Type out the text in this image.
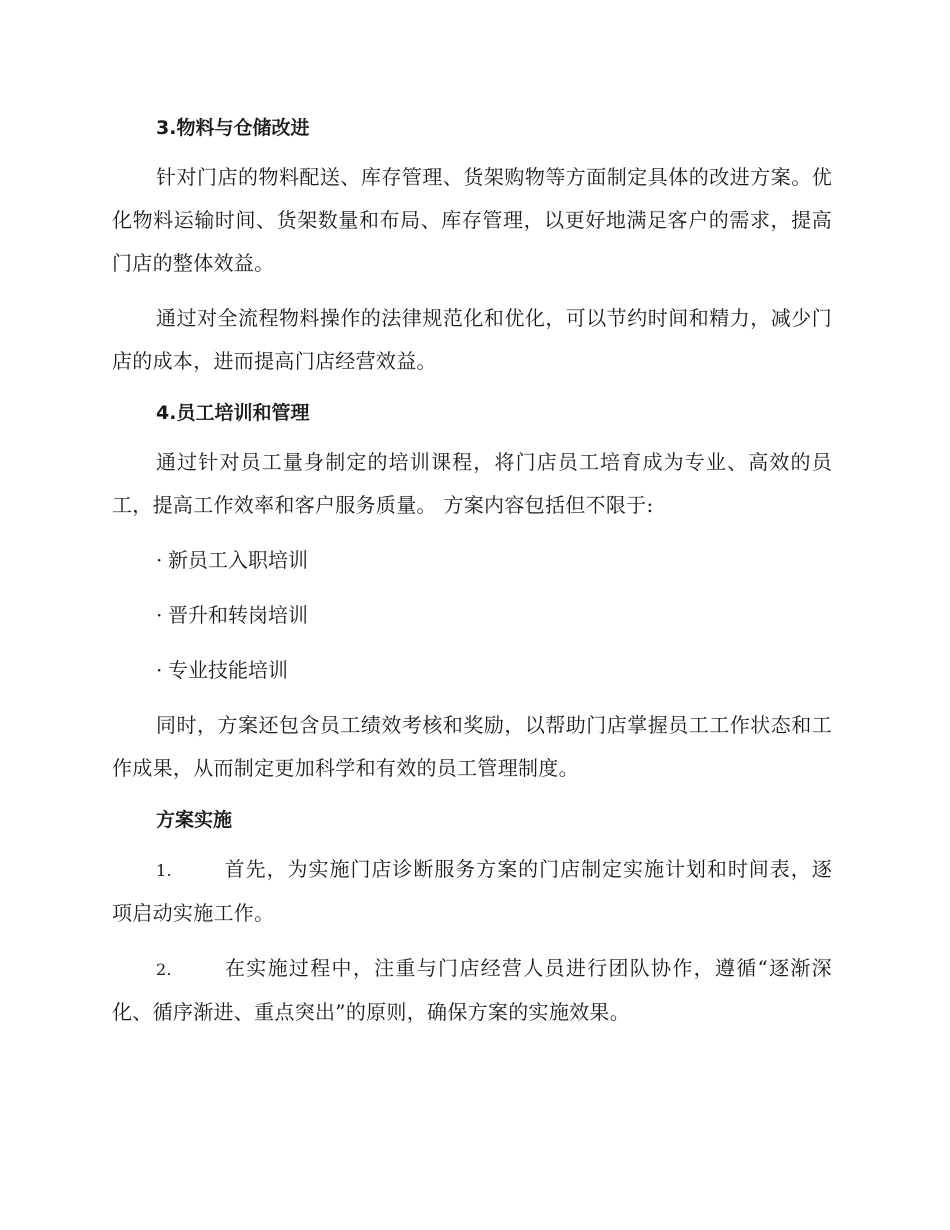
3.物料与仓储改进

针对门店的物料配送、库存管理、货架购物等方面制定具体的改进方案。优化物料运输时间、货架数量和布局、库存管理，以更好地满足客户的需求，提高门店的整体效益。

通过对全流程物料操作的法律规范化和优化，可以节约时间和精力，减少门店的成本，进而提高门店经营效益。

4.员工培训和管理

通过针对员工量身制定的培训课程，将门店员工培育成为专业、高效的员工，提高工作效率和客户服务质量。 方案内容包括但不限于:

· 新员工入职培训
· 晋升和转岗培训
· 专业技能培训

同时，方案还包含员工绩效考核和奖励，以帮助门店掌握员工工作状态和工作成果，从而制定更加科学和有效的员工管理制度。

方案实施

1.	首先，为实施门店诊断服务方案的门店制定实施计划和时间表，逐项启动实施工作。

2.	在实施过程中，注重与门店经营人员进行团队协作，遵循“逐渐深化、循序渐进、重点突出”的原则，确保方案的实施效果。
